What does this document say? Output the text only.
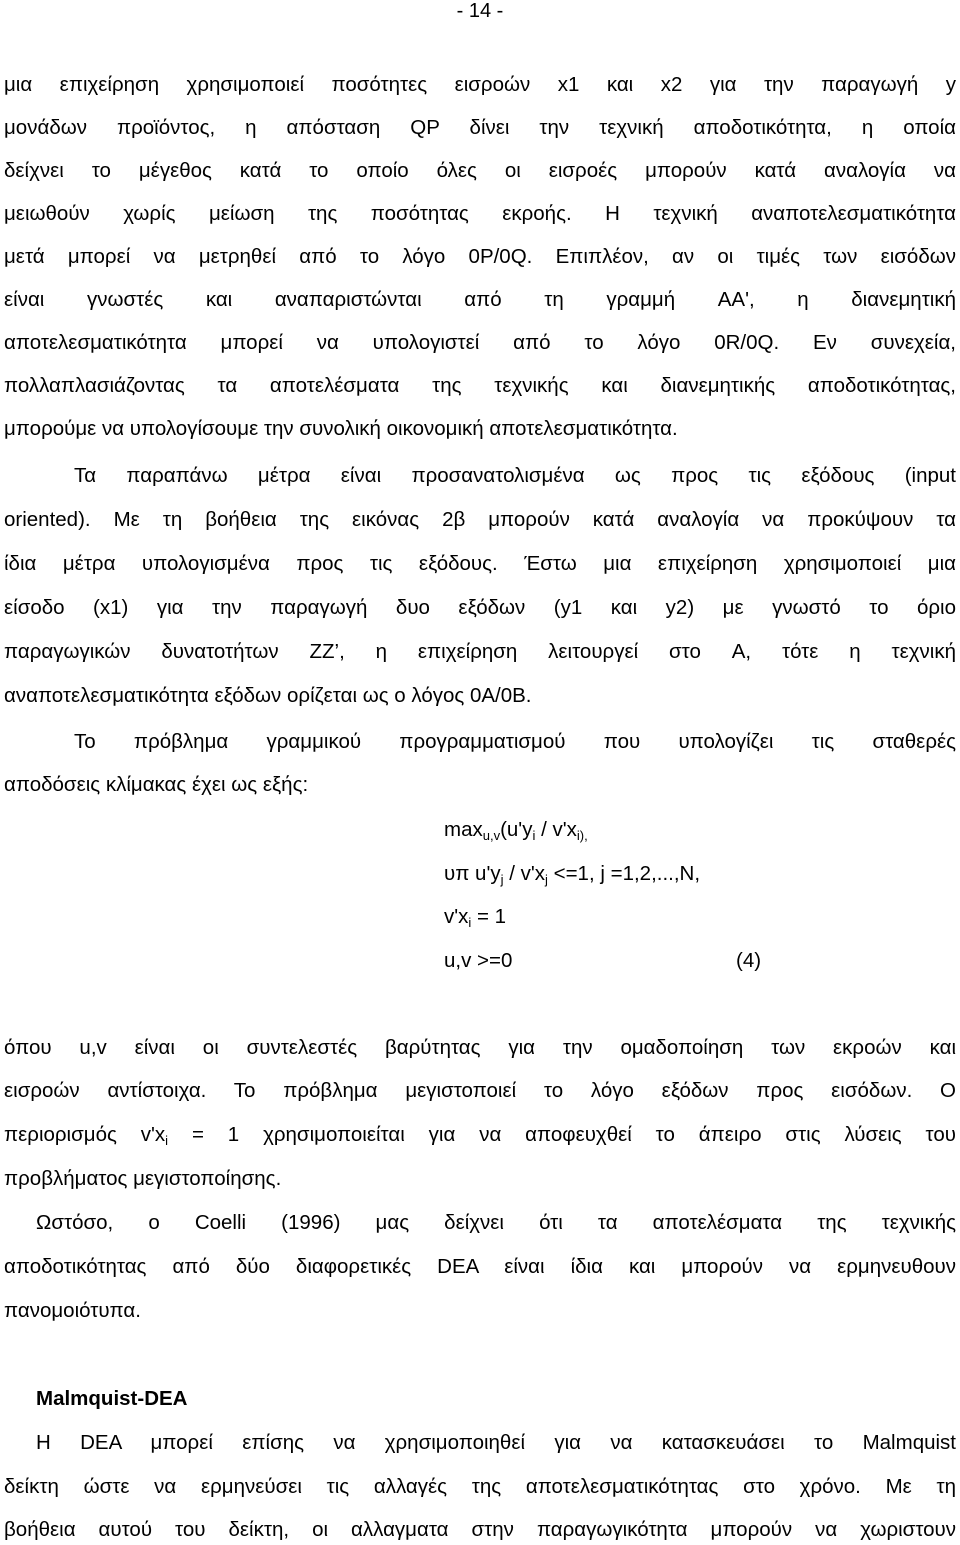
- 14 -
μια επιχείρηση χρησιμοποιεί ποσότητες εισροών x1 και x2 για την παραγωγή y
μονάδων προϊόντος, η απόσταση QP δίνει την τεχνική αποδοτικότητα, η οποία
δείχνει το μέγεθος κατά το οποίο όλες οι εισροές μπορούν κατά αναλογία να
μειωθούν χωρίς μείωση της ποσότητας εκροής. Η τεχνική αναποτελεσματικότητα
μετά μπορεί να μετρηθεί από το λόγο 0P/0Q. Επιπλέον, αν οι τιμές των εισόδων
είναι γνωστές και αναπαριστώνται από τη γραμμή AA', η διανεμητική
αποτελεσματικότητα μπορεί να υπολογιστεί από το λόγο 0R/0Q. Εν συνεχεία,
πολλαπλασιάζοντας τα αποτελέσματα της τεχνικής και διανεμητικής αποδοτικότητας,
μπορούμε να υπολογίσουμε την συνολική οικονομική αποτελεσματικότητα.
Τα παραπάνω μέτρα είναι προσανατολισμένα ως προς τις εξόδους (input
oriented). Με τη βοήθεια της εικόνας 2β μπορούν κατά αναλογία να προκύψουν τα
ίδια μέτρα υπολογισμένα προς τις εξόδους. Έστω μια επιχείρηση χρησιμοποιεί μια
είσοδο (x1) για την παραγωγή δυο εξόδων (y1 και y2) με γνωστό το όριο
παραγωγικών δυνατοτήτων ZZ’, η επιχείρηση λειτουργεί στο A, τότε η τεχνική
αναποτελεσματικότητα εξόδων ορίζεται ως ο λόγος 0A/0B.
Το πρόβλημα γραμμικού προγραμματισμού που υπολογίζει τις σταθερές
αποδόσεις κλίμακας έχει ως εξής:
$\max_{u,v}(u'y_i / v'x_{i),}$
υπ $u'y_j / v'x_j <=1$, j =1,2,...,N,
$v'x_i = 1$
u,v >=0	(4)
όπου u,v είναι οι συντελεστές βαρύτητας για την ομαδοποίηση των εκροών και
εισροών αντίστοιχα. Το πρόβλημα μεγιστοποιεί το λόγο εξόδων προς εισόδων. Ο
περιορισμός $v'x_i = 1$ χρησιμοποιείται για να αποφευχθεί το άπειρο στις λύσεις του
προβλήματος μεγιστοποίησης.
Ωστόσο, ο Coelli (1996) μας δείχνει ότι τα αποτελέσματα της τεχνικής
αποδοτικότητας από δύο διαφορετικές DEA είναι ίδια και μπορούν να ερμηνευθουν
πανομοιότυπα.
Malmquist-DEA
Η DEA μπορεί επίσης να χρησιμοποιηθεί για να κατασκευάσει το Malmquist
δείκτη ώστε να ερμηνεύσει τις αλλαγές της αποτελεσματικότητας στο χρόνο. Με τη
βοήθεια αυτού του δείκτη, οι αλλαγματα στην παραγωγικότητα μπορούν να χωριστουν
